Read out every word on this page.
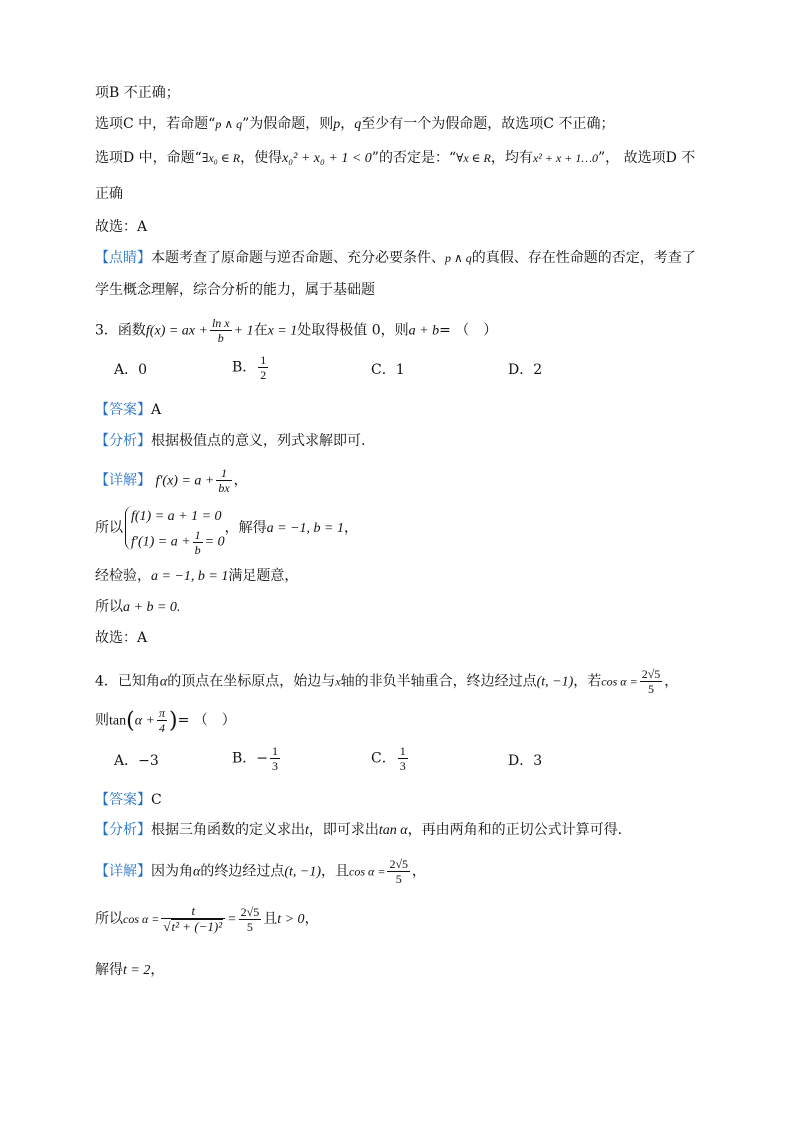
项B 不正确；
选项C 中，若命题“p ∧ q”为假命题，则p，q至少有一个为假命题，故选项C 不正确；
选项D 中，命题“∃x₀ ∈ R，使得x₀² + x₀ + 1 < 0”的否定是：“∀x ∈ R，均有x² + x + 1…0”， 故选项D 不
正确
故选：A
【点睛】本题考查了原命题与逆否命题、充分必要条件、p ∧ q的真假、存在性命题的否定，考查了
学生概念理解，综合分析的能力，属于基础题
3．函数f(x) = ax + $\frac{\text{ln x}}{b} + 1$在x = 1处取得极值 0，则a + b= （　）
A．0	B． $\frac{1}{2}$	C．1	D．2
【答案】A
【分析】根据极值点的意义，列式求解即可.
【详解】 $f'(x) = a + \frac{1}{bx}$ ，
所以
f(1) = a + 1 = 0
$f'(1) = a + \frac{1}{b} = 0$
，解得a = −1, b = 1，
经检验，a = −1, b = 1满足题意，
所以a + b = 0.
故选：A
4．已知角α的顶点在坐标原点，始边与x轴的非负半轴重合，终边经过点(t, −1)，若$\cos \alpha = \frac{2√5}{5}$ ，
则$\tan(\alpha + \frac{\pi}{4}$ )= （　）
A．−3	B．− $\frac{1}{3}$	C． $\frac{1}{3}$	D．3
【答案】C
【分析】根据三角函数的定义求出t，即可求出tan α，再由两角和的正切公式计算可得.
【详解】因为角α的终边经过点(t, −1)，且$\cos \alpha = \frac{2√5}{5}$ ，
所以$\cos \alpha = \frac{t}{\text{√t² + (−1)²}} = \frac{2√5}{5}$ 且t > 0，
解得t = 2，
